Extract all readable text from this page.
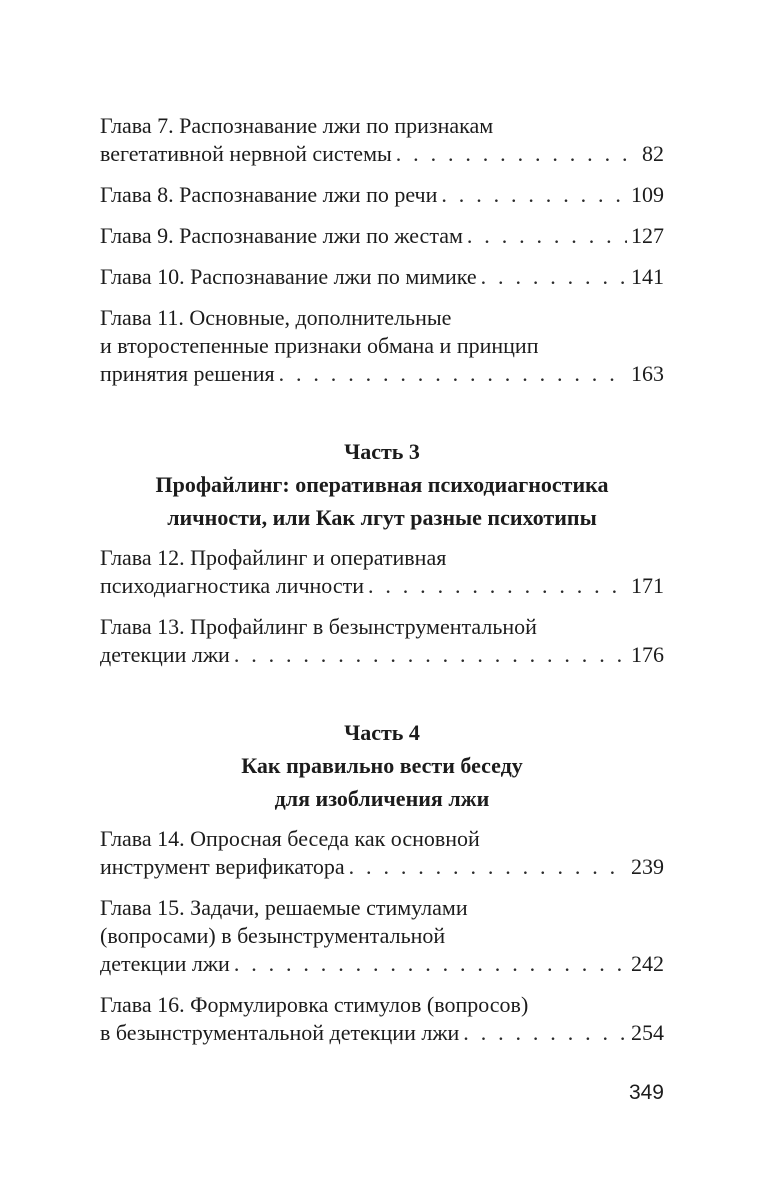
Глава 7. Распознавание лжи по признакам
вегетативной нервной системы . . .	82
Глава 8. Распознавание лжи по речи . . .	109
Глава 9. Распознавание лжи по жестам . . .	127
Глава 10. Распознавание лжи по мимике . . .	141
Глава 11. Основные, дополнительные
и второстепенные признаки обмана и принцип
принятия решения . . .	163
Часть 3
Профайлинг: оперативная психодиагностика
личности, или Как лгут разные психотипы
Глава 12. Профайлинг и оперативная
психодиагностика личности . . .	171
Глава 13. Профайлинг в безынструментальной
детекции лжи . . .	176
Часть 4
Как правильно вести беседу
для изобличения лжи
Глава 14. Опросная беседа как основной
инструмент верификатора . . .	239
Глава 15. Задачи, решаемые стимулами
(вопросами) в безынструментальной
детекции лжи . . .	242
Глава 16. Формулировка стимулов (вопросов)
в безынструментальной детекции лжи . . .	254
349
